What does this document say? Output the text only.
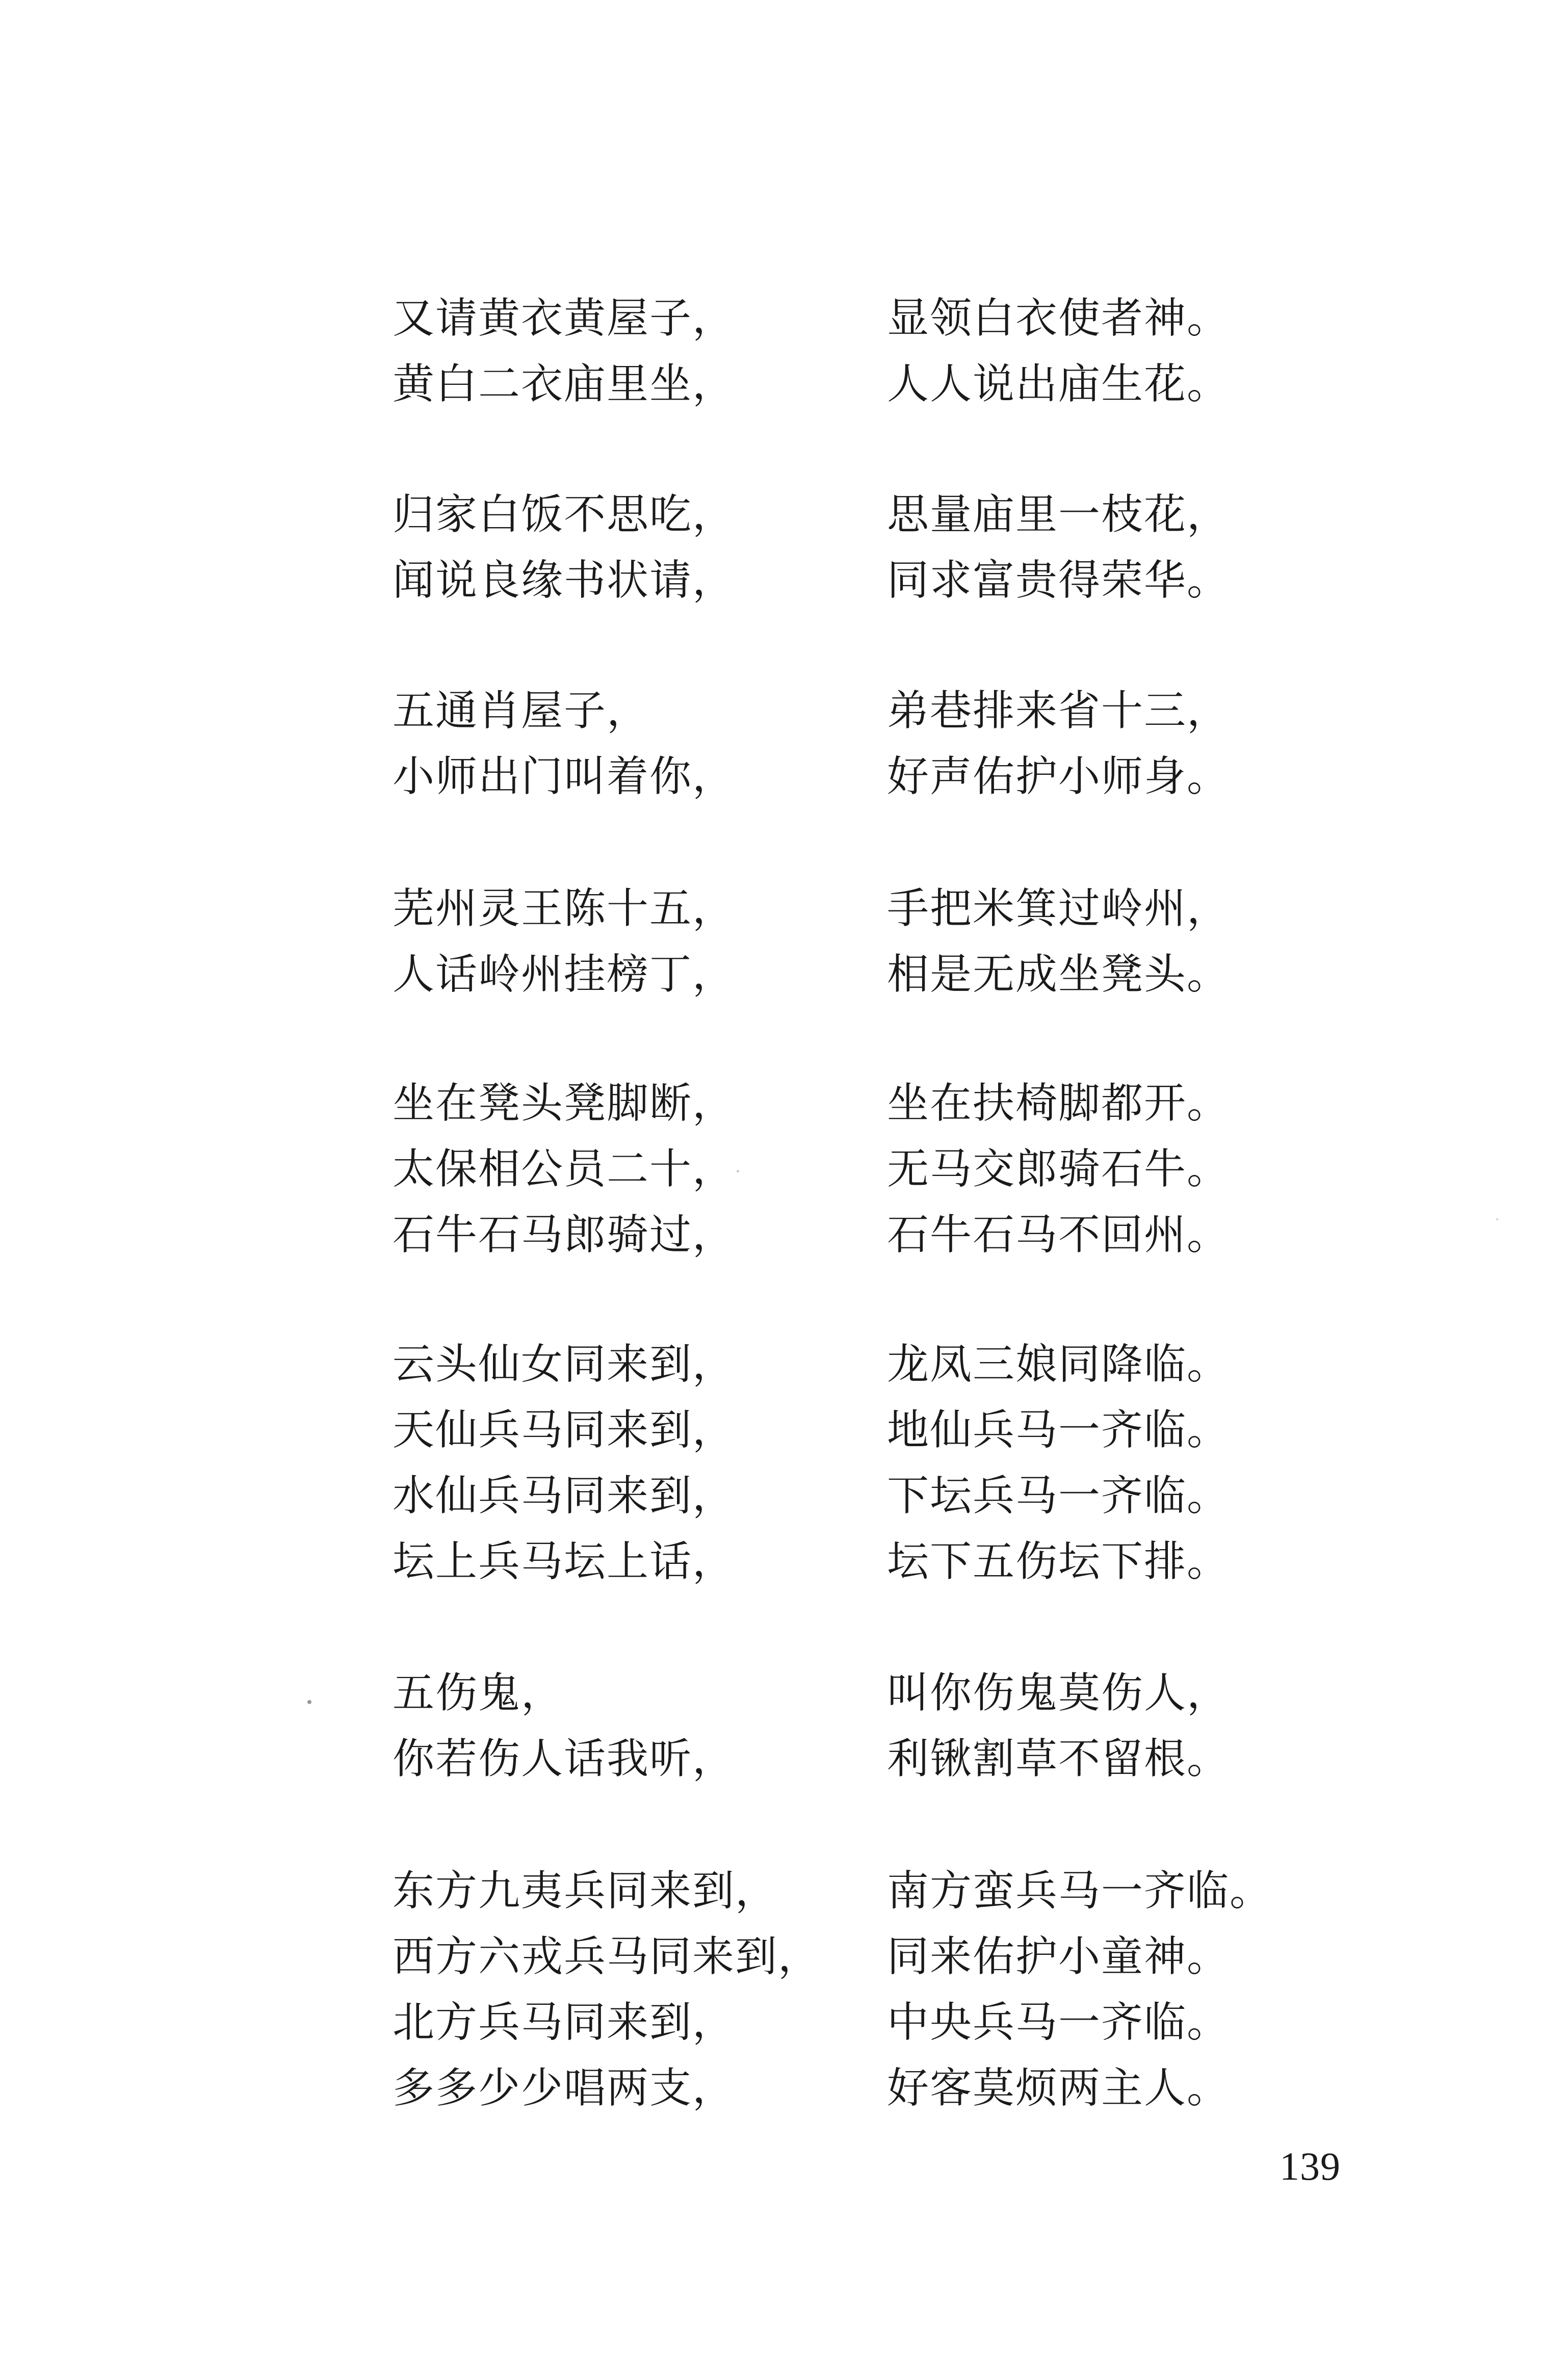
又请黄衣黄屋子，	显领白衣使者神。
黄白二衣庙里坐，	人人说出庙生花。
归家白饭不思吃，	思量庙里一枝花，
闻说良缘书状请，	同求富贵得荣华。
五通肖屋子，	弟巷排来省十三，
小师出门叫着你，	好声佑护小师身。
芜州灵王陈十五，	手把米箕过岭州，
人话岭州挂榜丁，	相是无成坐凳头。
坐在凳头凳脚断，	坐在扶椅脚都开。
太保相公员二十，	无马交郎骑石牛。
石牛石马郎骑过，	石牛石马不回州。
云头仙女同来到，	龙凤三娘同降临。
天仙兵马同来到，	地仙兵马一齐临。
水仙兵马同来到，	下坛兵马一齐临。
坛上兵马坛上话，	坛下五伤坛下排。
五伤鬼，	叫你伤鬼莫伤人，
你若伤人话我听，	利锹割草不留根。
东方九夷兵同来到，	南方蛮兵马一齐临。
西方六戎兵马同来到， 同来佑护小童神。
北方兵马同来到，	中央兵马一齐临。
多多少少唱两支，	好客莫烦两主人。
139
